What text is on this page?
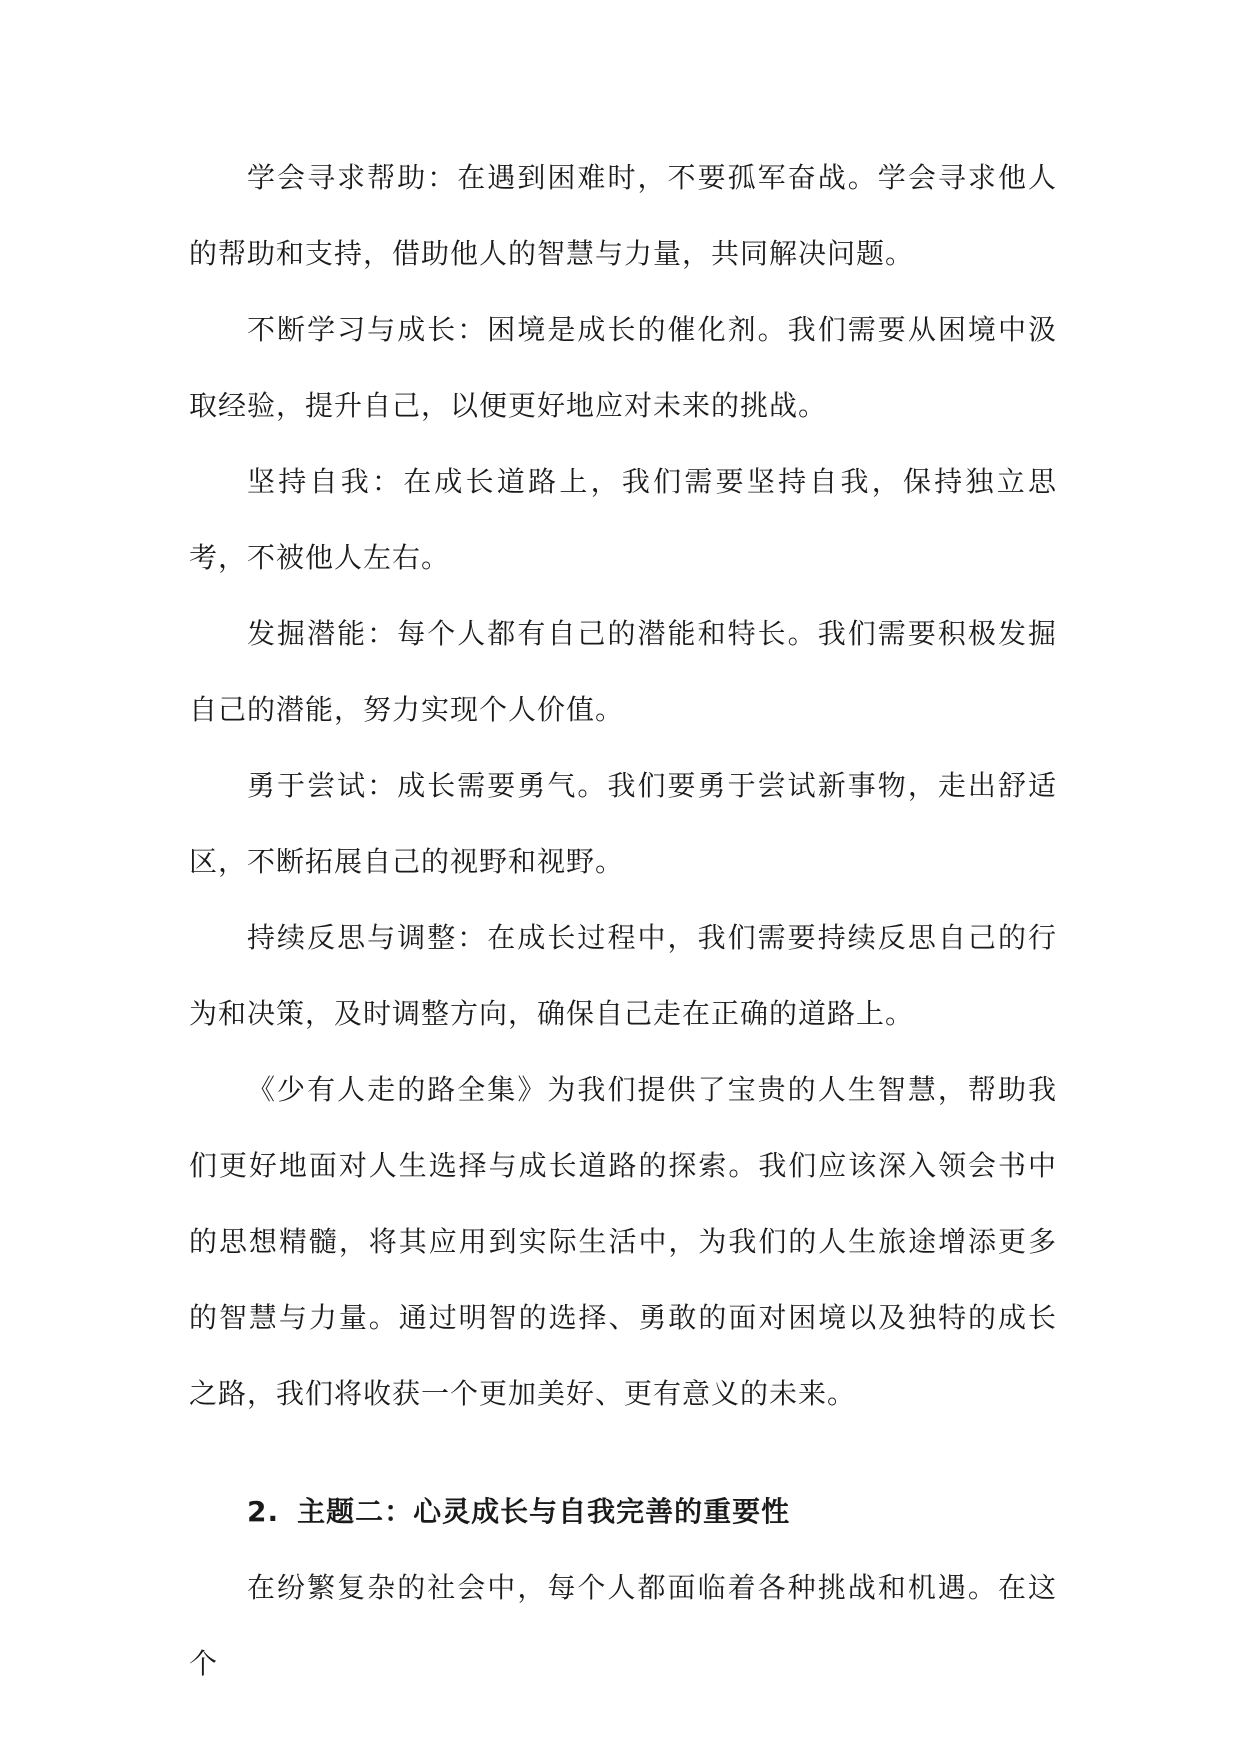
学会寻求帮助：在遇到困难时，不要孤军奋战。学会寻求他人的帮助和支持，借助他人的智慧与力量，共同解决问题。

不断学习与成长：困境是成长的催化剂。我们需要从困境中汲取经验，提升自己，以便更好地应对未来的挑战。

坚持自我：在成长道路上，我们需要坚持自我，保持独立思考，不被他人左右。

发掘潜能：每个人都有自己的潜能和特长。我们需要积极发掘自己的潜能，努力实现个人价值。

勇于尝试：成长需要勇气。我们要勇于尝试新事物，走出舒适区，不断拓展自己的视野和视野。

持续反思与调整：在成长过程中，我们需要持续反思自己的行为和决策，及时调整方向，确保自己走在正确的道路上。

《少有人走的路全集》为我们提供了宝贵的人生智慧，帮助我们更好地面对人生选择与成长道路的探索。我们应该深入领会书中的思想精髓，将其应用到实际生活中，为我们的人生旅途增添更多的智慧与力量。通过明智的选择、勇敢的面对困境以及独特的成长之路，我们将收获一个更加美好、更有意义的未来。

2. 主题二：心灵成长与自我完善的重要性

在纷繁复杂的社会中，每个人都面临着各种挑战和机遇。在这个
